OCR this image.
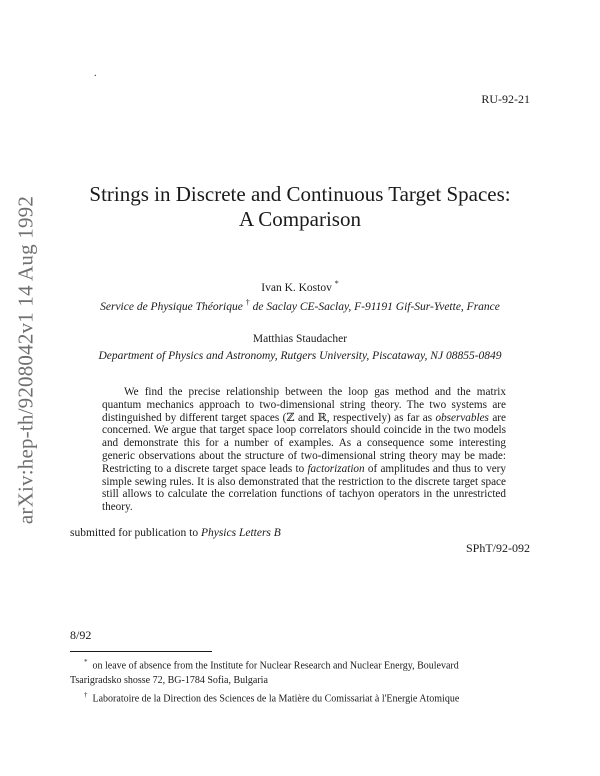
.
RU-92-21
arXiv:hep-th/9208042v1 14 Aug 1992
Strings in Discrete and Continuous Target Spaces:
A Comparison
Ivan K. Kostov *
Service de Physique Théorique † de Saclay CE-Saclay, F-91191 Gif-Sur-Yvette, France
Matthias Staudacher
Department of Physics and Astronomy, Rutgers University, Piscataway, NJ 08855-0849
We find the precise relationship between the loop gas method and the matrix quantum mechanics approach to two-dimensional string theory. The two systems are distinguished by different target spaces (ℤ and ℝ, respectively) as far as observables are concerned. We argue that target space loop correlators should coincide in the two models and demonstrate this for a number of examples. As a consequence some interesting generic observations about the structure of two-dimensional string theory may be made: Restricting to a discrete target space leads to factorization of amplitudes and thus to very simple sewing rules. It is also demonstrated that the restriction to the discrete target space still allows to calculate the correlation functions of tachyon operators in the unrestricted theory.
submitted for publication to Physics Letters B
SPhT/92-092
8/92
* on leave of absence from the Institute for Nuclear Research and Nuclear Energy, Boulevard
Tsarigradsko shosse 72, BG-1784 Sofia, Bulgaria
† Laboratoire de la Direction des Sciences de la Matière du Comissariat à l'Energie Atomique
